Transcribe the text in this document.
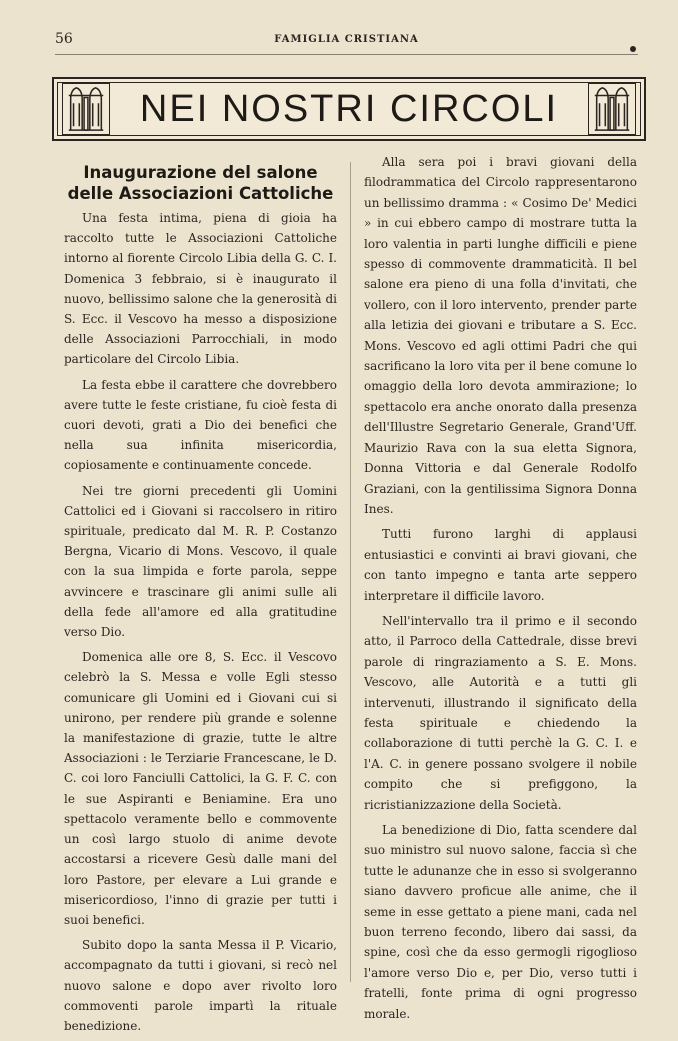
56	FAMIGLIA CRISTIANA
NEI NOSTRI CIRCOLI
Inaugurazione del salone delle Associazioni Cattoliche

Una festa intima, piena di gioia ha raccolto tutte le Associazioni Cattoliche intorno al fiorente Circolo Libia della G. C. I. Domenica 3 febbraio, si è inaugurato il nuovo, bellissimo salone che la generosità di S. Ecc. il Vescovo ha messo a disposizione delle Associazioni Parrocchiali, in modo particolare del Circolo Libia.

La festa ebbe il carattere che dovrebbero avere tutte le feste cristiane, fu cioè festa di cuori devoti, grati a Dio dei benefici che nella sua infinita misericordia, copiosamente e continuamente concede.

Nei tre giorni precedenti gli Uomini Cattolici ed i Giovani si raccolsero in ritiro spirituale, predicato dal M. R. P. Costanzo Bergna, Vicario di Mons. Vescovo, il quale con la sua limpida e forte parola, seppe avvincere e trascinare gli animi sulle ali della fede all'amore ed alla gratitudine verso Dio.

Domenica alle ore 8, S. Ecc. il Vescovo celebrò la S. Messa e volle Egli stesso comunicare gli Uomini ed i Giovani cui si unirono, per rendere più grande e solenne la manifestazione di grazie, tutte le altre Associazioni : le Terziarie Francescane, le D. C. coi loro Fanciulli Cattolici, la G. F. C. con le sue Aspiranti e Beniamine. Era uno spettacolo veramente bello e commovente un così largo stuolo di anime devote accostarsi a ricevere Gesù dalle mani del loro Pastore, per elevare a Lui grande e misericordioso, l'inno di grazie per tutti i suoi benefici.

Subito dopo la santa Messa il P. Vicario, accompagnato da tutti i giovani, si recò nel nuovo salone e dopo aver rivolto loro commoventi parole impartì la rituale benedizione.

Alla sera poi i bravi giovani della filodrammatica del Circolo rappresentarono un bellissimo dramma : « Cosimo De' Medici » in cui ebbero campo di mostrare tutta la loro valentia in parti lunghe difficili e piene spesso di commovente drammaticità. Il bel salone era pieno di una folla d'invitati, che vollero, con il loro intervento, prender parte alla letizia dei giovani e tributare a S. Ecc. Mons. Vescovo ed agli ottimi Padri che qui sacrificano la loro vita per il bene comune lo omaggio della loro devota ammirazione; lo spettacolo era anche onorato dalla presenza dell'Illustre Segretario Generale, Grand'Uff. Maurizio Rava con la sua eletta Signora, Donna Vittoria e dal Generale Rodolfo Graziani, con la gentilissima Signora Donna Ines.

Tutti furono larghi di applausi entusiastici e convinti ai bravi giovani, che con tanto impegno e tanta arte seppero interpretare il difficile lavoro.

Nell'intervallo tra il primo e il secondo atto, il Parroco della Cattedrale, disse brevi parole di ringraziamento a S. E. Mons. Vescovo, alle Autorità e a tutti gli intervenuti, illustrando il significato della festa spirituale e chiedendo la collaborazione di tutti perchè la G. C. I. e l'A. C. in genere possano svolgere il nobile compito che si prefiggono, la ricristianizzazione della Società.

La benedizione di Dio, fatta scendere dal suo ministro sul nuovo salone, faccia sì che tutte le adunanze che in esso si svolgeranno siano davvero proficue alle anime, che il seme in esse gettato a piene mani, cada nel buon terreno fecondo, libero dai sassi, da spine, così che da esso germogli rigoglioso l'amore verso Dio e, per Dio, verso tutti i fratelli, fonte prima di ogni progresso morale.
